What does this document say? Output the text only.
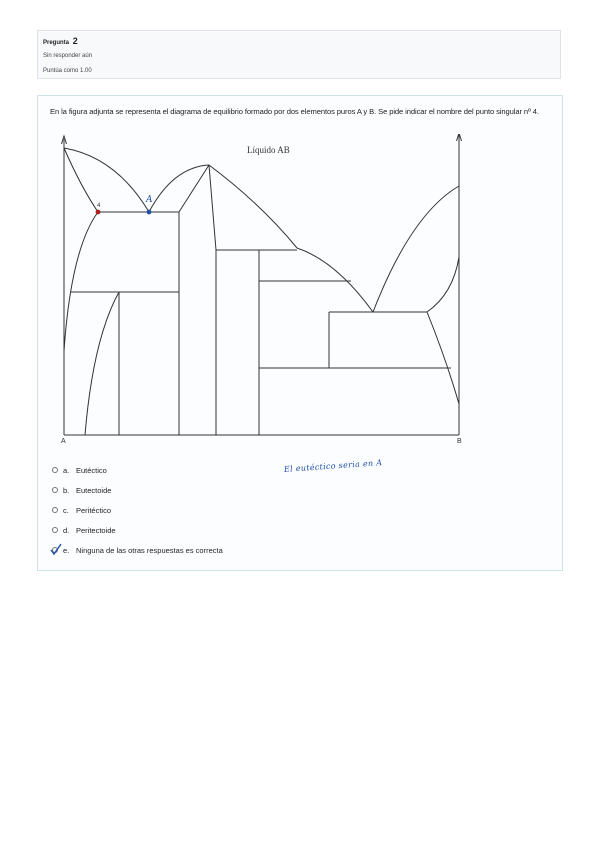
Pregunta 2
Sin responder aún
Puntúa como 1.00
En la figura adjunta se representa el diagrama de equilibrio formado por dos elementos puros A y B. Se pide indicar el nombre del punto singular nº 4.
4
A
Líquido AB
A	B
a. Eutéctico
b. Eutectoide
c. Peritéctico
d. Peritectoide
e. Ninguna de las otras respuestas es correcta
El eutéctico seria en A
